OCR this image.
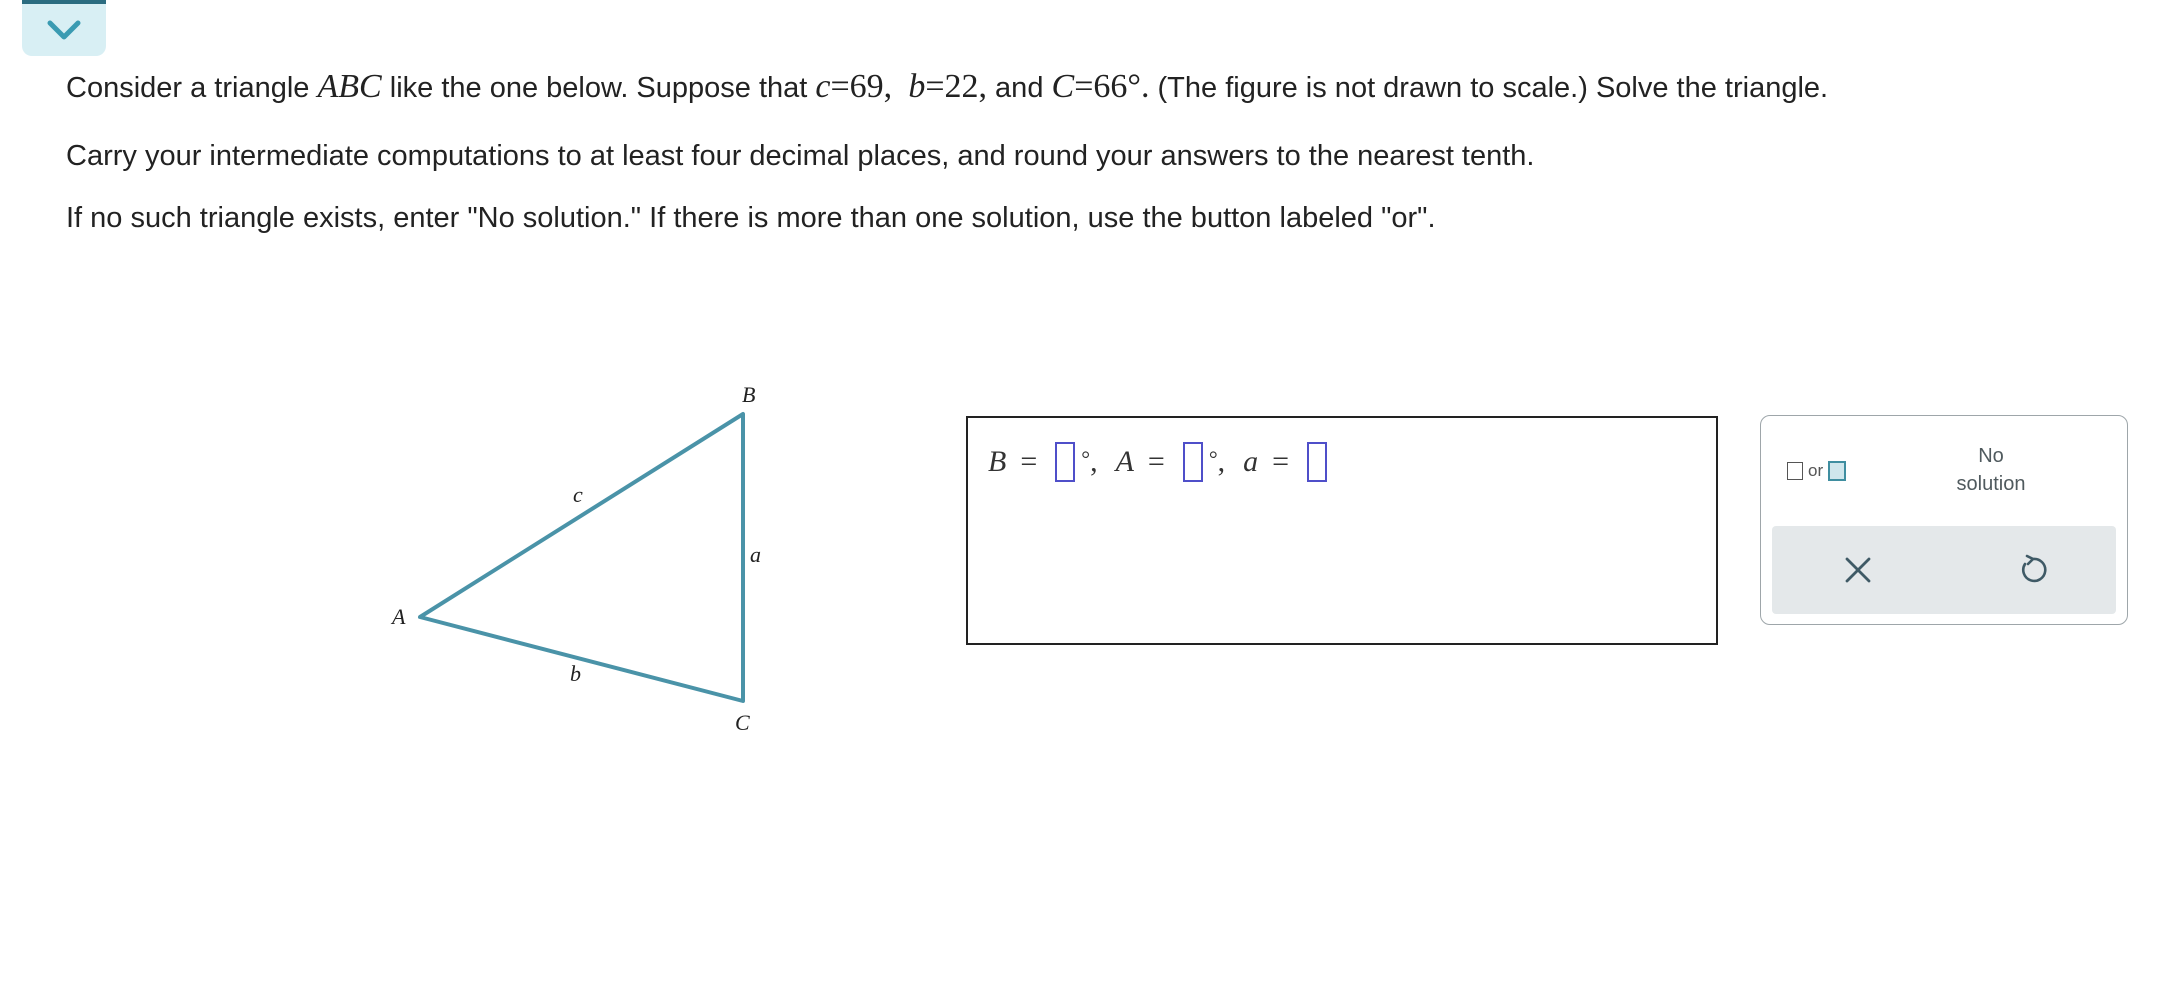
Consider a triangle ABC like the one below. Suppose that c=69, b=22, and C=66°. (The figure is not drawn to scale.) Solve the triangle.

Carry your intermediate computations to at least four decimal places, and round your answers to the nearest tenth.

If no such triangle exists, enter "No solution." If there is more than one solution, use the button labeled "or".

A
B
C
c
a
b
B = ° , A = ° , a =	or
No
solution
